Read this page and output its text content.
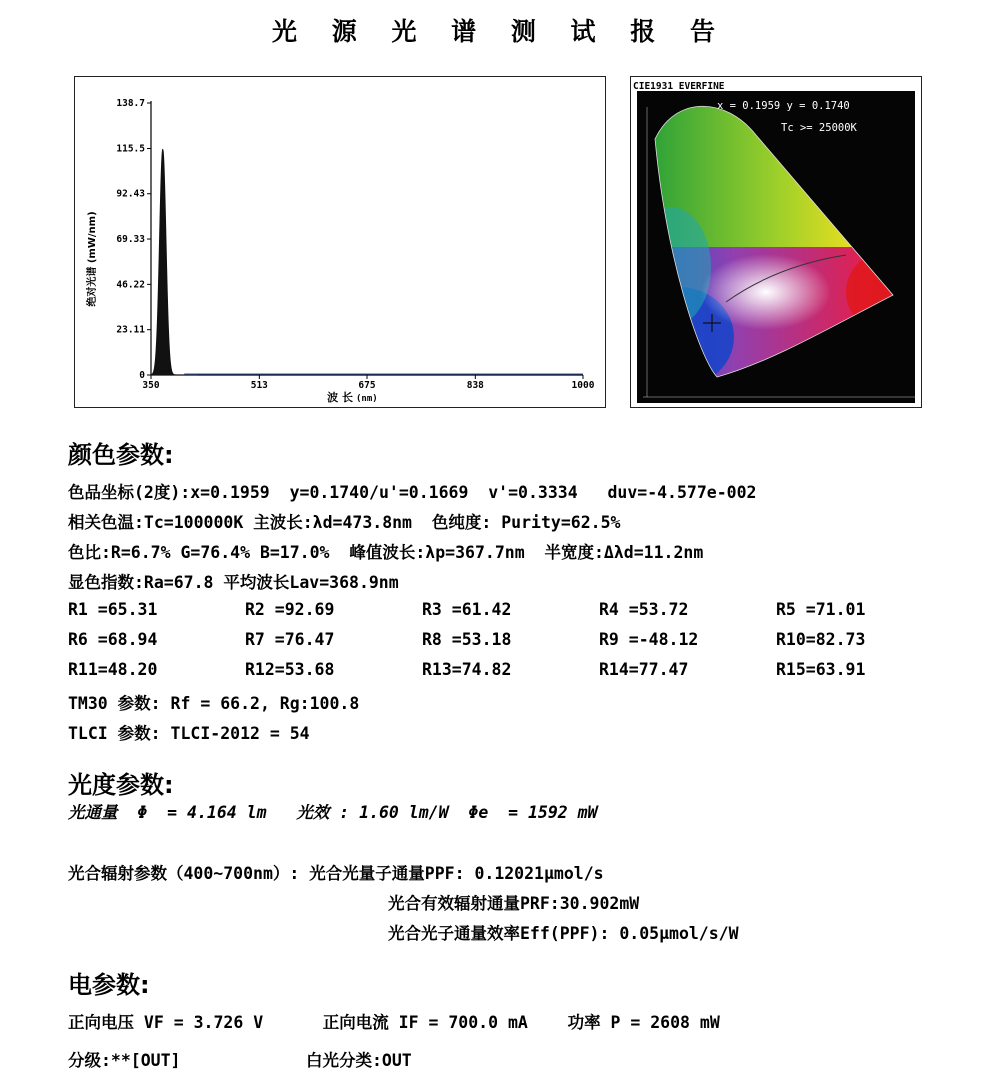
光 源 光 谱 测 试 报 告
0
23.11
46.22
69.33
92.43
115.5
138.7
350	513	675	838	1000
绝对光谱 (mW/nm)
波 长 (nm)
CIE1931 EVERFINE
x = 0.1959 y = 0.1740
Tc >= 25000K
颜色参数:
色品坐标(2度):x=0.1959  y=0.1740/u'=0.1669  v'=0.3334   duv=-4.577e-002
相关色温:Tc=100000K 主波长:λd=473.8nm  色纯度: Purity=62.5%
色比:R=6.7% G=76.4% B=17.0%  峰值波长:λp=367.7nm  半宽度:Δλd=11.2nm
显色指数:Ra=67.8 平均波长Lav=368.9nm
R1 =65.31	R2 =92.69	R3 =61.42	R4 =53.72	R5 =71.01
R6 =68.94	R7 =76.47	R8 =53.18	R9 =-48.12	R10=82.73
R11=48.20	R12=53.68	R13=74.82	R14=77.47	R15=63.91
TM30 参数: Rf = 66.2, Rg:100.8
TLCI 参数: TLCI-2012 = 54
光度参数:
光通量  Φ  = 4.164 lm   光效 : 1.60 lm/W  Φe  = 1592 mW
光合辐射参数（400~700nm）: 光合光量子通量PPF: 0.12021μmol/s
光合有效辐射通量PRF:30.902mW
光合光子通量效率Eff(PPF): 0.05μmol/s/W
电参数:
正向电压 VF = 3.726 V      正向电流 IF = 700.0 mA    功率 P = 2608 mW
分级:**[OUT]	白光分类:OUT
